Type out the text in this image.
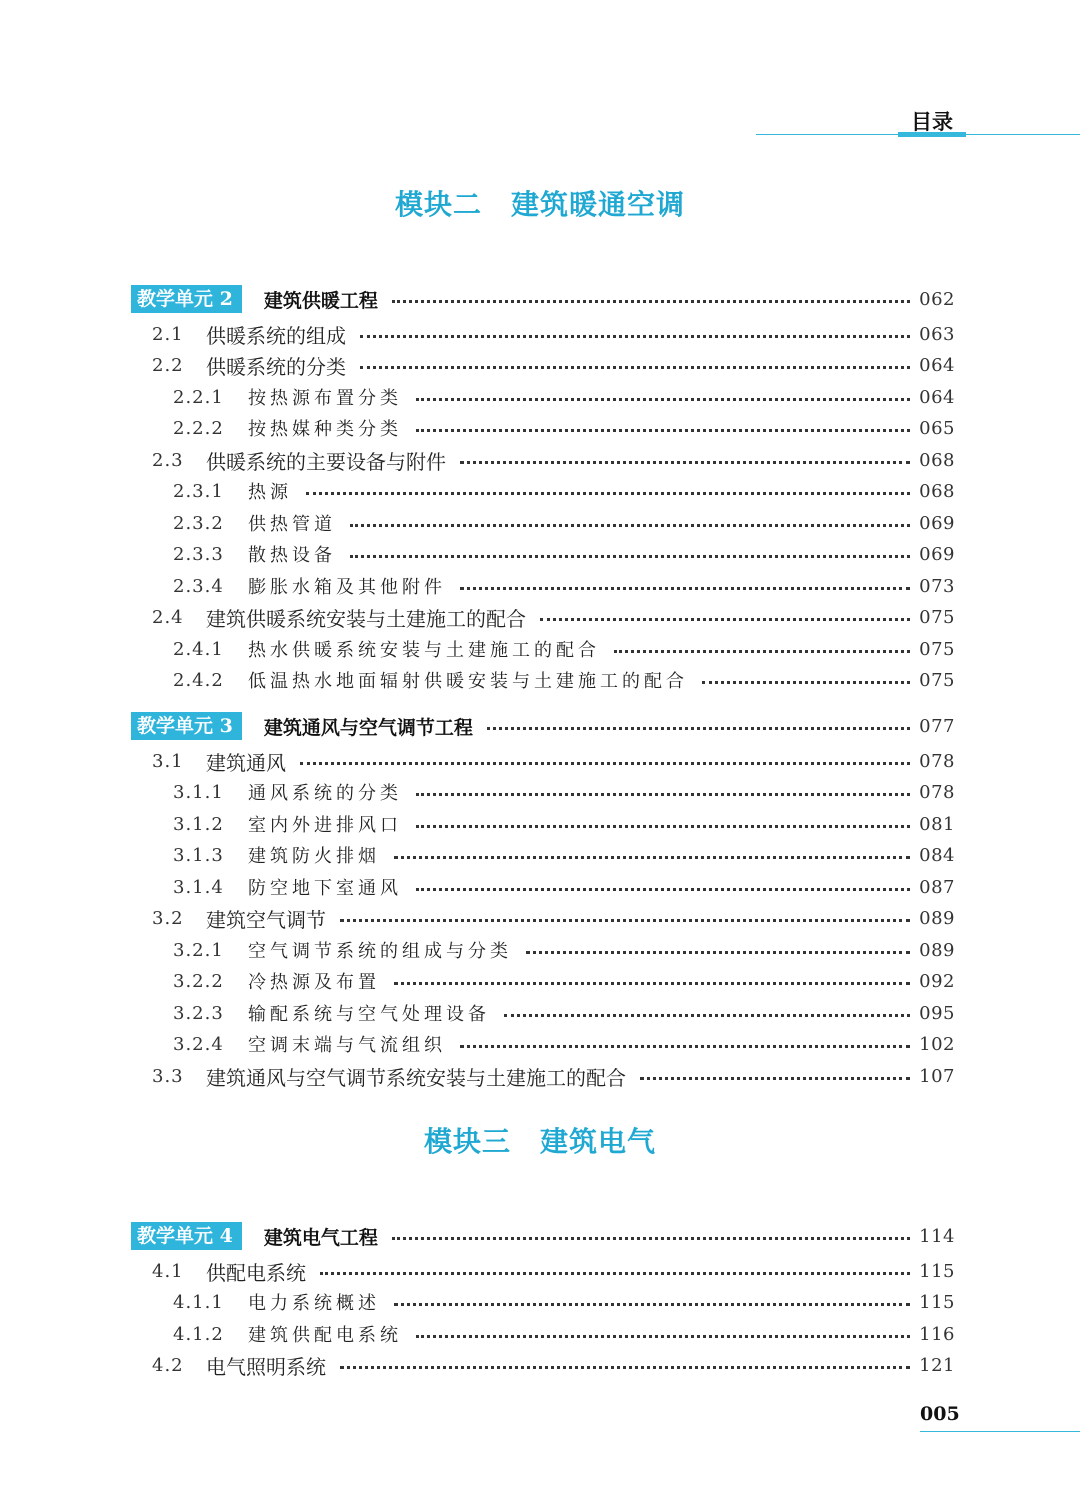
目录
模块二　建筑暖通空调
模块三　建筑电气
教学单元 2	建筑供暖工程	062
2.1	供暖系统的组成	063
2.2	供暖系统的分类	064
2.2.1	按热源布置分类	064
2.2.2	按热媒种类分类	065
2.3	供暖系统的主要设备与附件	068
2.3.1	热源	068
2.3.2	供热管道	069
2.3.3	散热设备	069
2.3.4	膨胀水箱及其他附件	073
2.4	建筑供暖系统安装与土建施工的配合	075
2.4.1	热水供暖系统安装与土建施工的配合	075
2.4.2	低温热水地面辐射供暖安装与土建施工的配合	075
教学单元 3	建筑通风与空气调节工程	077
3.1	建筑通风	078
3.1.1	通风系统的分类	078
3.1.2	室内外进排风口	081
3.1.3	建筑防火排烟	084
3.1.4	防空地下室通风	087
3.2	建筑空气调节	089
3.2.1	空气调节系统的组成与分类	089
3.2.2	冷热源及布置	092
3.2.3	输配系统与空气处理设备	095
3.2.4	空调末端与气流组织	102
3.3	建筑通风与空气调节系统安装与土建施工的配合	107
教学单元 4	建筑电气工程	114
4.1	供配电系统	115
4.1.1	电力系统概述	115
4.1.2	建筑供配电系统	116
4.2	电气照明系统	121
005
